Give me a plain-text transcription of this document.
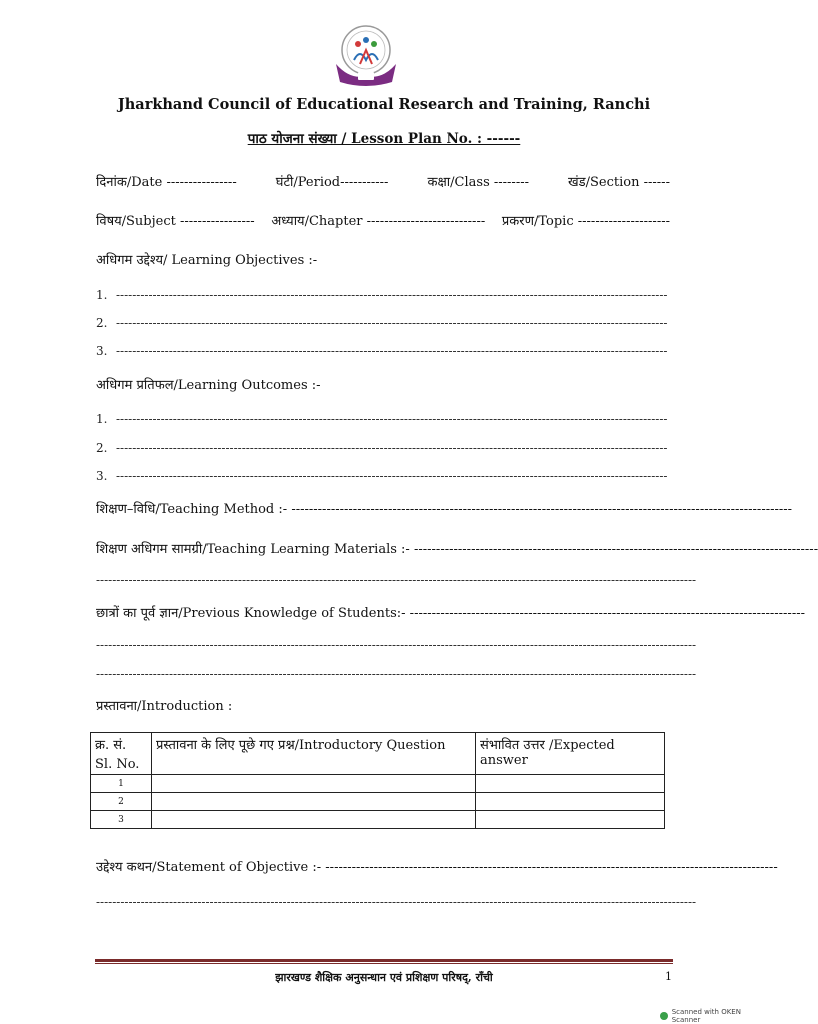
Jharkhand Council of Educational Research and Training, Ranchi
पाठ योजना संख्या / Lesson Plan No. : ------
दिनांक/Date ----------------	घंटी/Period-----------	कक्षा/Class --------	खंड/Section ------
विषय/Subject ----------------- अध्याय/Chapter --------------------------- प्रकरण/Topic ---------------------
अधिगम उद्देश्य/ Learning Objectives :-
1. ----------------------------------------------------------------------------------------------------------------------------------------
2. ----------------------------------------------------------------------------------------------------------------------------------------
3. ----------------------------------------------------------------------------------------------------------------------------------------
अधिगम प्रतिफल/Learning Outcomes :-
1. ----------------------------------------------------------------------------------------------------------------------------------------
2. ----------------------------------------------------------------------------------------------------------------------------------------
3. ----------------------------------------------------------------------------------------------------------------------------------------
शिक्षण–विधि/Teaching Method :- ------------------------------------------------------------------------------------------------------------------
शिक्षण अधिगम सामग्री/Teaching Learning Materials :- --------------------------------------------------------------------------------------------
----------------------------------------------------------------------------------------------------------------------------------------------------
छात्रों का पूर्व ज्ञान/Previous Knowledge of Students:- ------------------------------------------------------------------------------------------
----------------------------------------------------------------------------------------------------------------------------------------------------
----------------------------------------------------------------------------------------------------------------------------------------------------
प्रस्तावना/Introduction :
क्र. सं.
Sl. No.	प्रस्तावना के लिए पूछे गए प्रश्न/Introductory Question	संभावित उत्तर /Expected answer
1		
2		
3		
उद्देश्य कथन/Statement of Objective :- -------------------------------------------------------------------------------------------------------
----------------------------------------------------------------------------------------------------------------------------------------------------
झारखण्ड शैक्षिक अनुसन्धान एवं प्रशिक्षण परिषद्, राँची	1
Scanned with OKEN Scanner
